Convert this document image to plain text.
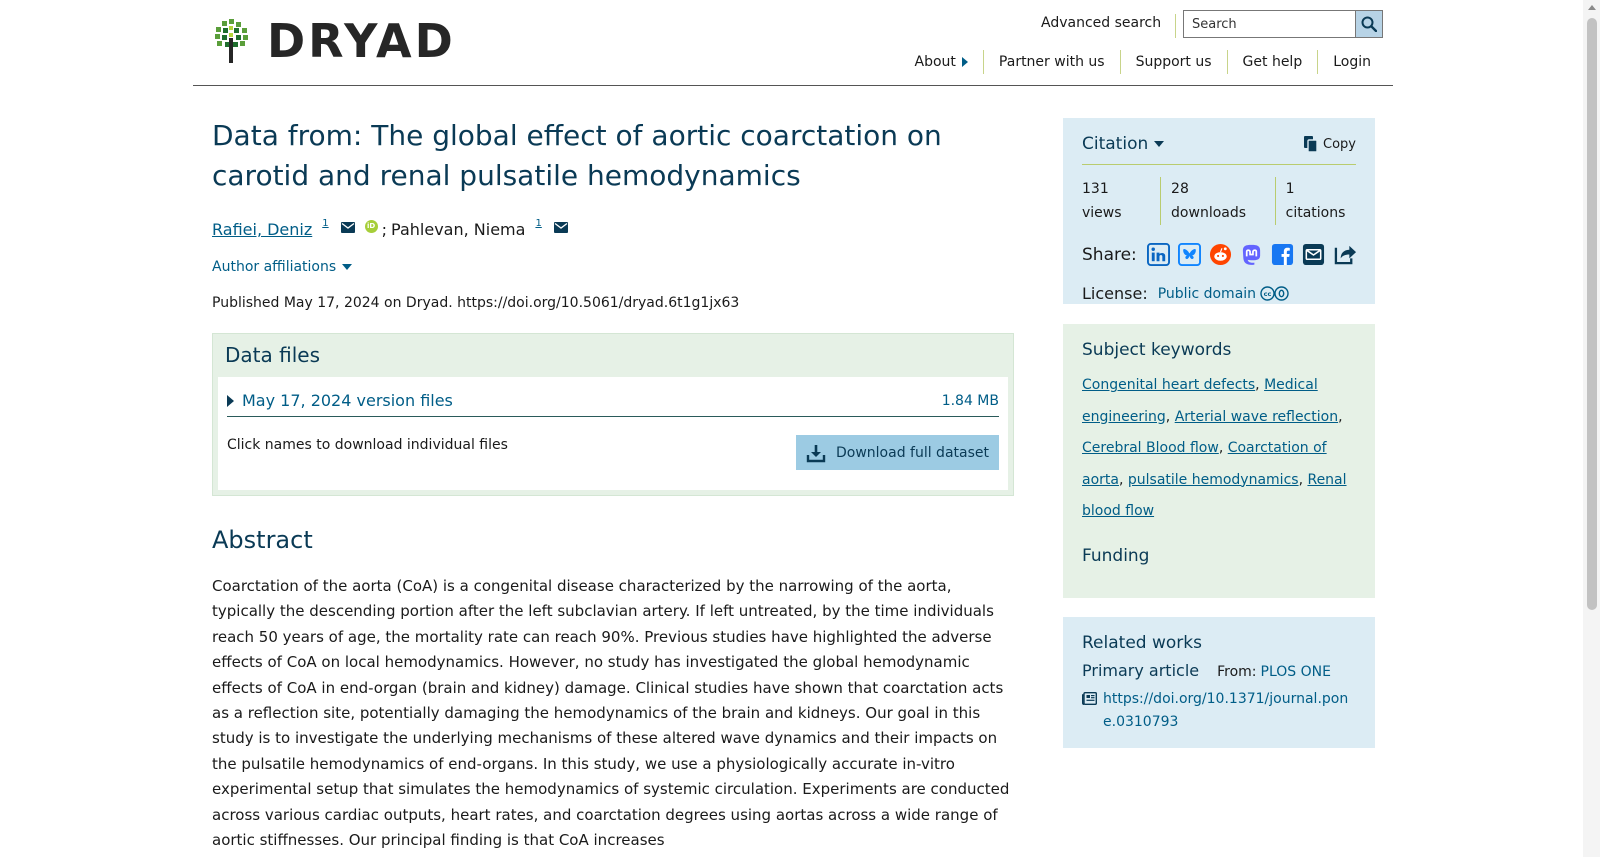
DRYAD	Advanced search
Search
About	Partner with us	Support us	Get help	Login
Data from: The global effect of aortic coarctation on carotid and renal pulsatile hemodynamics
Rafiei, Deniz 1	iD ; Pahlevan, Niema 1
Author affiliations
Published May 17, 2024 on Dryad. https://doi.org/10.5061/dryad.6t1g1jx63
Data files
May 17, 2024 version files	1.84 MB
Click names to download individual files	Download full dataset
Abstract

Coarctation of the aorta (CoA) is a congenital disease characterized by the narrowing of the aorta, typically the descending portion after the left subclavian artery. If left untreated, by the time individuals reach 50 years of age, the mortality rate can reach 90%. Previous studies have highlighted the adverse effects of CoA on local hemodynamics. However, no study has investigated the global hemodynamic effects of CoA in end-organ (brain and kidney) damage. Clinical studies have shown that coarctation acts as a reflection site, potentially damaging the hemodynamics of the brain and kidneys. Our goal in this study is to investigate the underlying mechanisms of these altered wave dynamics and their impacts on the pulsatile hemodynamics of end-organs. In this study, we use a physiologically accurate in-vitro experimental setup that simulates the hemodynamics of systemic circulation. Experiments are conducted across various cardiac outputs, heart rates, and coarctation degrees using aortas across a wide range of aortic stiffnesses. Our principal finding is that CoA increases

Citation	Copy
131 views
28 downloads
1 citations
Share:
License: Public domain cc
Subject keywords
Congenital heart defects, Medical engineering, Arterial wave reflection, Cerebral Blood flow, Coarctation of aorta, pulsatile hemodynamics, Renal blood flow
Funding
Related works
Primary article From: PLOS ONE
https://doi.org/10.1371/journal.pone.0310793
